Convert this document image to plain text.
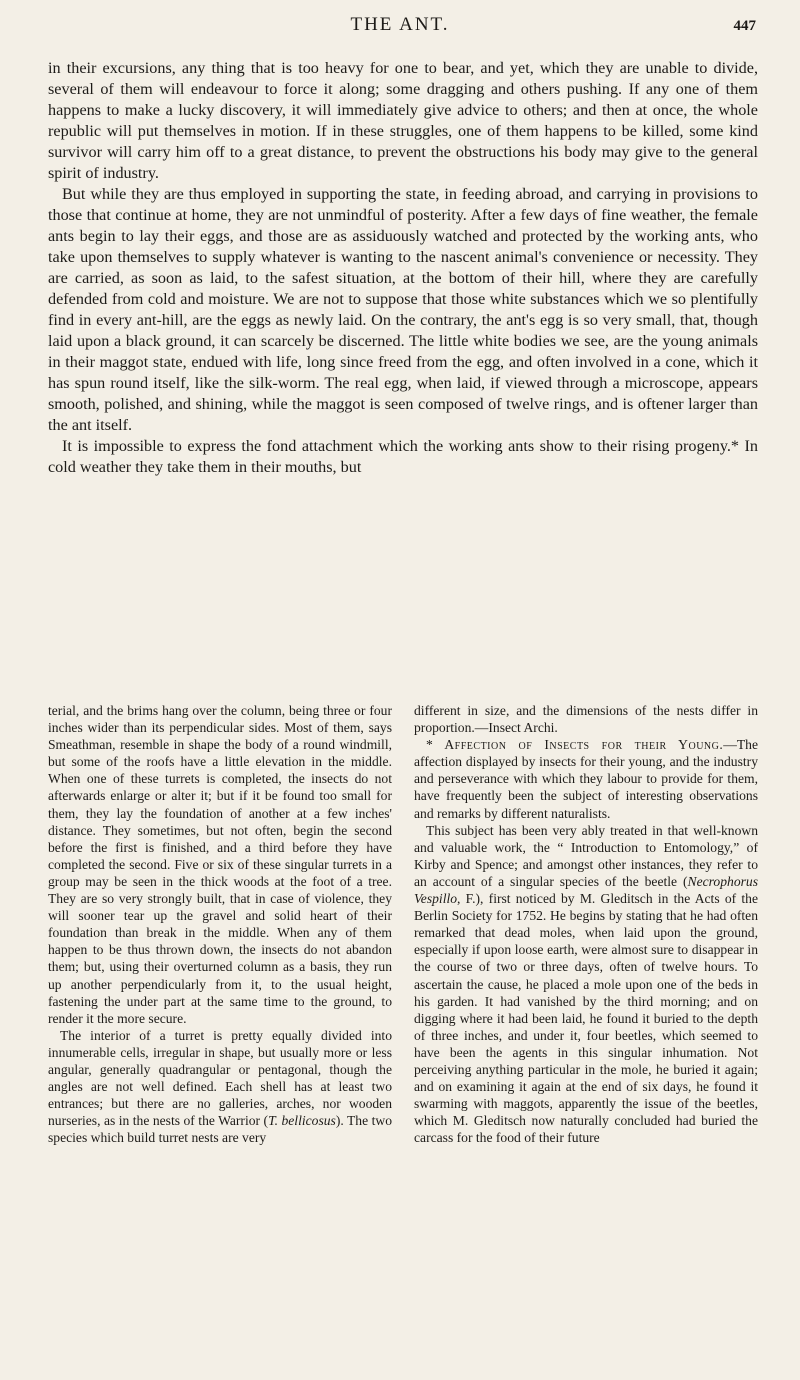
THE ANT.	447

in their excursions, any thing that is too heavy for one to bear, and yet, which they are unable to divide, several of them will endeavour to force it along; some dragging and others pushing. If any one of them happens to make a lucky discovery, it will immediately give advice to others; and then at once, the whole republic will put themselves in motion. If in these struggles, one of them happens to be killed, some kind survivor will carry him off to a great distance, to prevent the obstructions his body may give to the general spirit of industry.

But while they are thus employed in supporting the state, in feeding abroad, and carrying in provisions to those that continue at home, they are not unmindful of posterity. After a few days of fine weather, the female ants begin to lay their eggs, and those are as assiduously watched and protected by the working ants, who take upon themselves to supply whatever is wanting to the nascent animal's convenience or necessity. They are carried, as soon as laid, to the safest situation, at the bottom of their hill, where they are carefully defended from cold and moisture. We are not to suppose that those white substances which we so plentifully find in every ant-hill, are the eggs as newly laid. On the contrary, the ant's egg is so very small, that, though laid upon a black ground, it can scarcely be discerned. The little white bodies we see, are the young animals in their maggot state, endued with life, long since freed from the egg, and often involved in a cone, which it has spun round itself, like the silk-worm. The real egg, when laid, if viewed through a microscope, appears smooth, polished, and shining, while the maggot is seen composed of twelve rings, and is oftener larger than the ant itself.

It is impossible to express the fond attachment which the working ants show to their rising progeny.* In cold weather they take them in their mouths, but

terial, and the brims hang over the column, being three or four inches wider than its perpendicular sides. Most of them, says Smeathman, resemble in shape the body of a round windmill, but some of the roofs have a little elevation in the middle. When one of these turrets is completed, the insects do not afterwards enlarge or alter it; but if it be found too small for them, they lay the foundation of another at a few inches' distance. They sometimes, but not often, begin the second before the first is finished, and a third before they have completed the second. Five or six of these singular turrets in a group may be seen in the thick woods at the foot of a tree. They are so very strongly built, that in case of violence, they will sooner tear up the gravel and solid heart of their foundation than break in the middle. When any of them happen to be thus thrown down, the insects do not abandon them; but, using their overturned column as a basis, they run up another perpendicularly from it, to the usual height, fastening the under part at the same time to the ground, to render it the more secure.

The interior of a turret is pretty equally divided into innumerable cells, irregular in shape, but usually more or less angular, generally quadrangular or pentagonal, though the angles are not well defined. Each shell has at least two entrances; but there are no galleries, arches, nor wooden nurseries, as in the nests of the Warrior (T. bellicosus). The two species which build turret nests are very

different in size, and the dimensions of the nests differ in proportion.—Insect Archi.

* Affection of Insects for their Young.—The affection displayed by insects for their young, and the industry and perseverance with which they labour to provide for them, have frequently been the subject of interesting observations and remarks by different naturalists.

This subject has been very ably treated in that well-known and valuable work, the “ Introduction to Entomology,” of Kirby and Spence; and amongst other instances, they refer to an account of a singular species of the beetle (Necrophorus Vespillo, F.), first noticed by M. Gleditsch in the Acts of the Berlin Society for 1752. He begins by stating that he had often remarked that dead moles, when laid upon the ground, especially if upon loose earth, were almost sure to disappear in the course of two or three days, often of twelve hours. To ascertain the cause, he placed a mole upon one of the beds in his garden. It had vanished by the third morning; and on digging where it had been laid, he found it buried to the depth of three inches, and under it, four beetles, which seemed to have been the agents in this singular inhumation. Not perceiving anything particular in the mole, he buried it again; and on examining it again at the end of six days, he found it swarming with maggots, apparently the issue of the beetles, which M. Gleditsch now naturally concluded had buried the carcass for the food of their future
